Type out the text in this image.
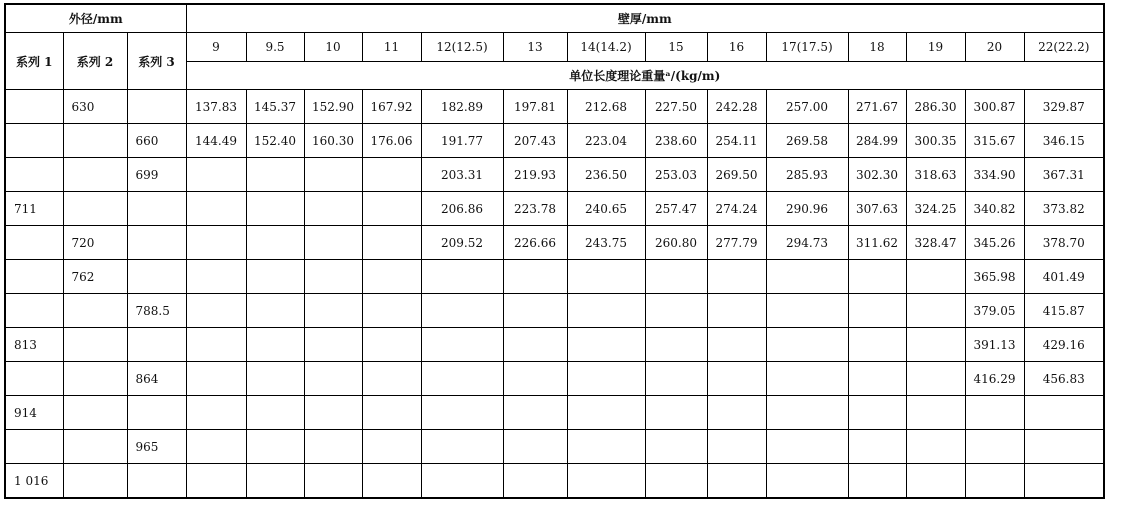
外径/mm			壁厚/mm													
系列 1	系列 2	系列 3	9	9.5	10	11	12(12.5)	13	14(14.2)	15	16	17(17.5)	18	19	20	22(22.2)
			单位长度理论重量ᵃ/(kg/m)													
	630		137.83	145.37	152.90	167.92	182.89	197.81	212.68	227.50	242.28	257.00	271.67	286.30	300.87	329.87
		660	144.49	152.40	160.30	176.06	191.77	207.43	223.04	238.60	254.11	269.58	284.99	300.35	315.67	346.15
		699					203.31	219.93	236.50	253.03	269.50	285.93	302.30	318.63	334.90	367.31
711							206.86	223.78	240.65	257.47	274.24	290.96	307.63	324.25	340.82	373.82
	720						209.52	226.66	243.75	260.80	277.79	294.73	311.62	328.47	345.26	378.70
	762														365.98	401.49
		788.5													379.05	415.87
813															391.13	429.16
		864													416.29	456.83
914																
		965														
1 016																
